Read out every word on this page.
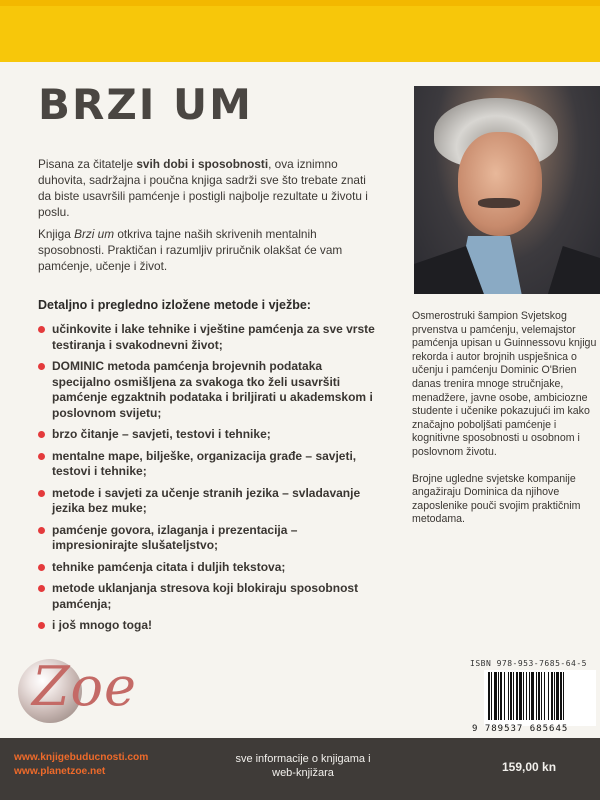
BRZI UM

Pisana za čitatelje svih dobi i sposobnosti, ova iznimno duhovita, sadržajna i poučna knjiga sadrži sve što trebate znati da biste usavršili pamćenje i postigli najbolje rezultate u životu i poslu.

Knjiga Brzi um otkriva tajne naših skrivenih mentalnih sposobnosti. Praktičan i razumljiv priručnik olakšat će vam pamćenje, učenje i život.

Detaljno i pregledno izložene metode i vježbe:
učinkovite i lake tehnike i vještine pamćenja za sve vrste testiranja i svakodnevni život;
DOMINIC metoda pamćenja brojevnih podataka specijalno osmišljena za svakoga tko želi usavršiti pamćenje egzaktnih podataka i briljirati u akademskom i poslovnom svijetu;
brzo čitanje – savjeti, testovi i tehnike;
mentalne mape, bilješke, organizacija građe – savjeti, testovi i tehnike;
metode i savjeti za učenje stranih jezika – svladavanje jezika bez muke;
pamćenje govora, izlaganja i prezentacija – impresionirajte slušateljstvo;
tehnike pamćenja citata i duljih tekstova;
metode uklanjanja stresova koji blokiraju sposobnost pamćenja;
i još mnogo toga!

Osmerostruki šampion Svjetskog prvenstva u pamćenju, velemajstor pamćenja upisan u Guinnessovu knjigu rekorda i autor brojnih uspješnica o učenju i pamćenju Dominic O'Brien danas trenira mnoge stručnjake, menadžere, javne osobe, ambiciozne studente i učenike pokazujući im kako značajno poboljšati pamćenje i kognitivne sposobnosti u osobnom i poslovnom životu.

Brojne ugledne svjetske kompanije angažiraju Dominica da njihove zaposlenike pouči svojim praktičnim metodama.

Zoe	ISBN 978-953-7685-64-5
9 789537 685645
www.knjigebuducnosti.com
www.planetzoe.net
sve informacije o knjigama i
web-knjižara	159,00 kn
